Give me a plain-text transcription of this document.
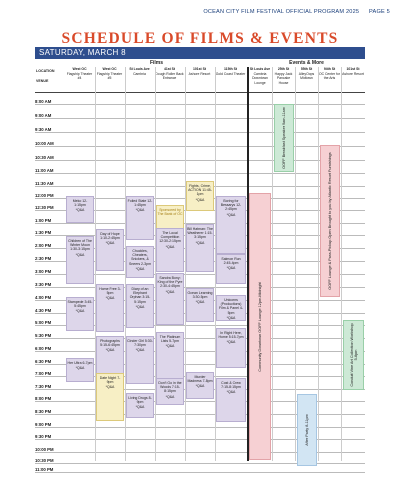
OCEAN CITY FILM FESTIVAL OFFICIAL PROGRAM 2025 PAGE 5
SCHEDULE OF FILMS & EVENTS
SATURDAY, MARCH 8
Films	Events & More
LOCATION
VENUE
West OC
Flagship Theater #4
West OC
Flagship Theater #5
St Louis Ave
Cambria
41st St
Dough Roller Back Entrance
101st St
Ashore Resort
115th St
Gold Coast Theater
St Louis Ave
Cambria Downtown Lounge
25th St
Happy Jack Pancake House
55th St
AlleyOops Midtown
94th St
OC Center for the Arts
101st St
Ashore Resort
8:00 AM
9:00 AM
9:30 AM
10:00 AM
10:30 AM
11:00 AM
11:30 AM
12:00 PM
12:30 PM
1:00 PM
1:30 PM
2:00 PM
2:30 PM
3:00 PM
3:30 PM
4:00 PM
4:30 PM
5:00 PM
5:30 PM
6:00 PM
6:30 PM
7:00 PM
7:30 PM
8:00 PM
8:30 PM
9:00 PM
9:30 PM
10:00 PM
10:30 PM
11:00 PM
Meko 12-1:15pm
*Q&A
Children of The Winter Moon 1:30-3:15pm
*Q&A
Stampede 3:45-5:45pm
*Q&A
Her Ultra 6-7pm
*Q&A
Day of Hope 1:10-2:45pm
*Q&A
Home Free 3-5pm
*Q&A
Photographs 5:15-6:45pm
*Q&A
Date Night 7-9pm
*Q&A
Foiled State 12-1:45pm
*Q&A
Chuckles, Cheaters, Snickers, & Sneers 2-3pm
*Q&A
Diary of an Elephant Orphan 3:15-5:15pm
*Q&A
Cinder Girl 5:30-7:30pm
*Q&A
Living Drugs 8-9pm
*Q&A
Sponsored by The Bank of OC
The Local Competition 12:30-2:15pm
*Q&A
Sandra Bony: King of the Pyre 2:30-4:45pm
*Q&A
The Platinum Lists 5-7pm
*Q&A
Don't Go in the Woods 7:15-8:15pm
*Q&A
Fights, Crime, ACTION 11:45-1pm
*Q&A
Bill Hatman: The Weatherer 1:15-3:15pm
*Q&A
Ocean Learning 3:30-5pm
*Q&A
Murder Madness 7-8pm
*Q&A
Boring for Bessarys 12-2:45pm
*Q&A
Salmon Run 2:45-4pm
*Q&A
Unicorns (Productions) Film & Panel 4-5pm
*Q&A
In Right Here, Home 5:15-7pm
*Q&A
Cost & Crew 7:15-8:15pm
*Q&A
Community Downtown OOFF Lounge 12pm-Midnight
OOFF Breakfast Speaker 9am-11am
After Party 8-11pm
OOFF Lounge & Pass-Pickup Open Brought to you by Atlantic Resort Furnishings
Conduit Vine Art Collection Workshop 5-8pm
